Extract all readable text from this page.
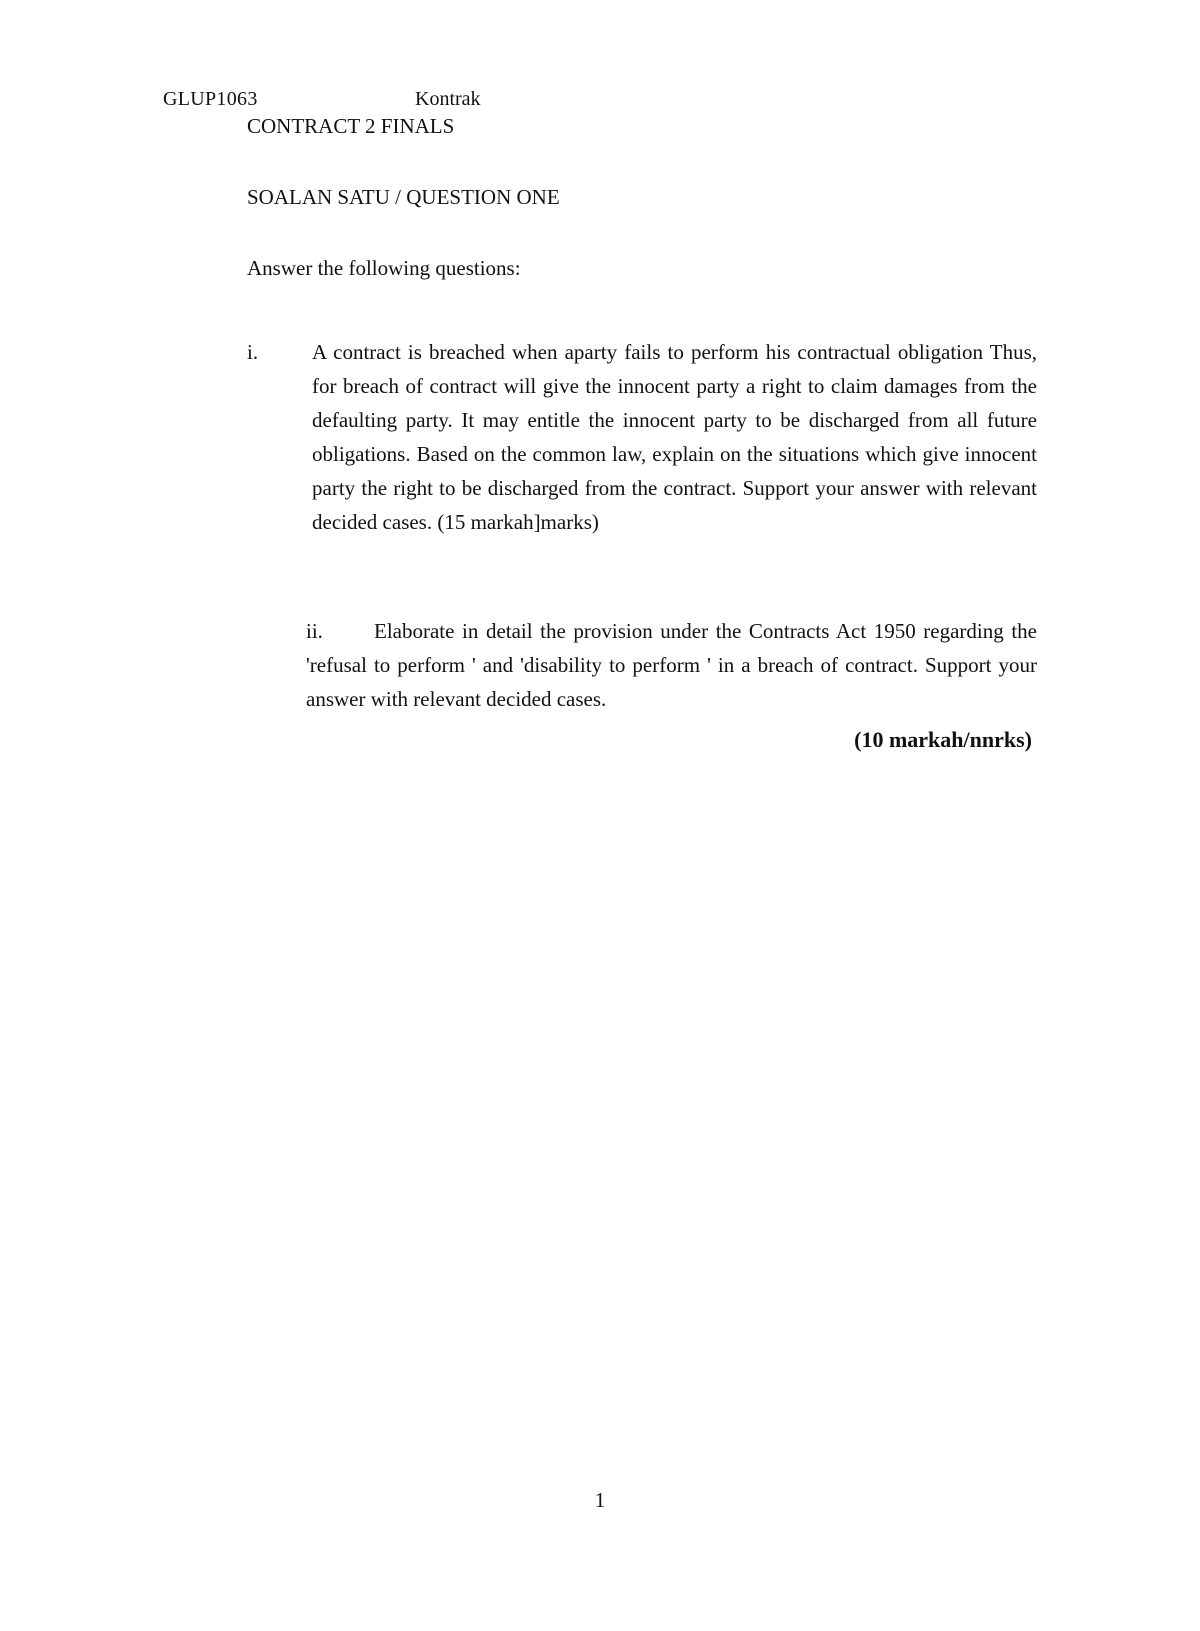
GLUP1063	Kontrak
CONTRACT 2 FINALS
SOALAN SATU / QUESTION ONE
Answer the following questions:
i.	A contract is breached when aparty fails to perform his contractual obligation Thus, for breach of contract will give the innocent party a right to claim damages from the defaulting party. It may entitle the innocent party to be discharged from all future obligations. Based on the common law, explain on the situations which give innocent party the right to be discharged from the contract. Support your answer with relevant decided cases. (15 markah]marks)

ii. Elaborate in detail the provision under the Contracts Act 1950 regarding the 'refusal to perform ' and 'disability to perform ' in a breach of contract. Support your answer with relevant decided cases.

(10 markah/nnrks)
1
